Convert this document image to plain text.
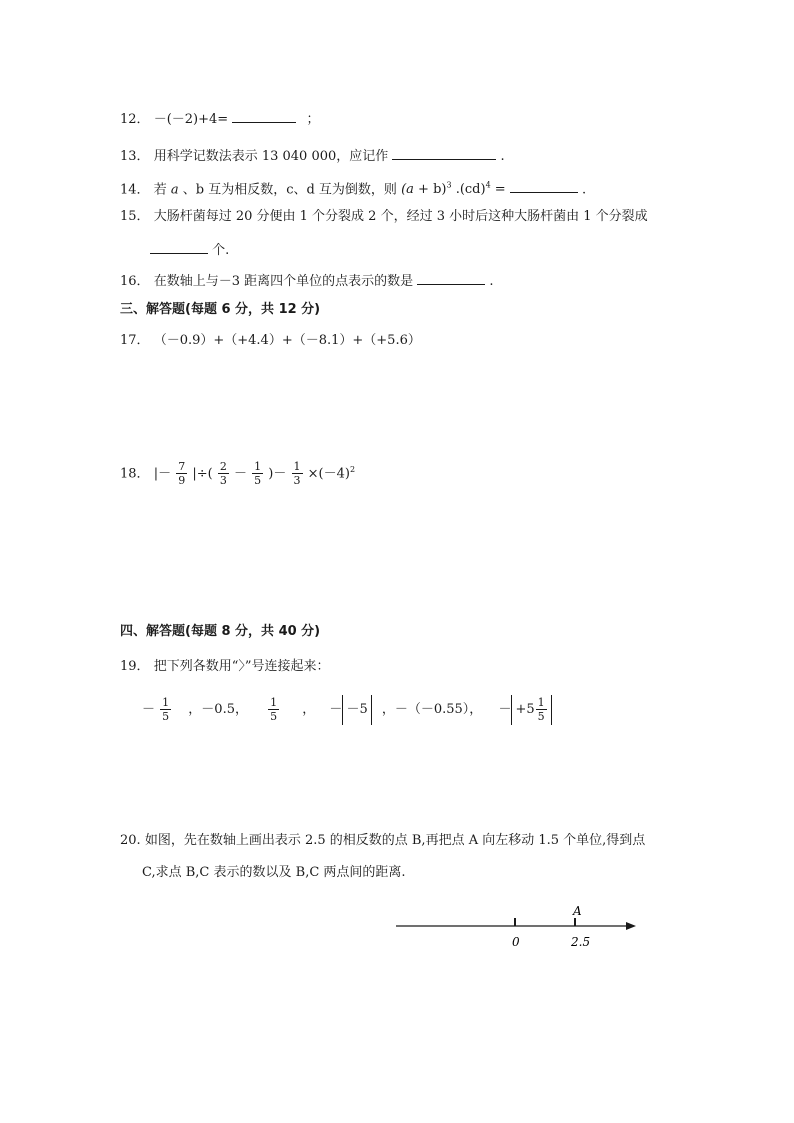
12． －(－2)+4=	；
13． 用科学记数法表示 13 040 000，应记作	.
14． 若 a 、b 互为相反数，c、d 互为倒数，则 $(a + b)^3$ .(cd)$^4$ =	.
15． 大肠杆菌每过 20 分便由 1 个分裂成 2 个，经过 3 小时后这种大肠杆菌由 1 个分裂成
个.
16． 在数轴上与－3 距离四个单位的点表示的数是	.
三、解答题(每题 6 分，共 12 分)
17． （－0.9）+（+4.4）+（－8.1）+（+5.6）
18． |－ $\frac{7}{9}$ |÷( $\frac{2}{3} - \frac{1}{5}$ )－ $\frac{1}{3} \times(-4)^2$
四、解答题(每题 8 分，共 40 分)
19． 把下列各数用“〉”号连接起来：
－ $\frac{1}{5}$ ，－0.5， $\frac{1}{5}$ ， － －5 ，－（－0.55）， － $+5 \frac{1}{5}$
20. 如图，先在数轴上画出表示 2.5 的相反数的点 B,再把点 A 向左移动 1.5 个单位,得到点
C,求点 B,C 表示的数以及 B,C 两点间的距离.
0
A
2.5
